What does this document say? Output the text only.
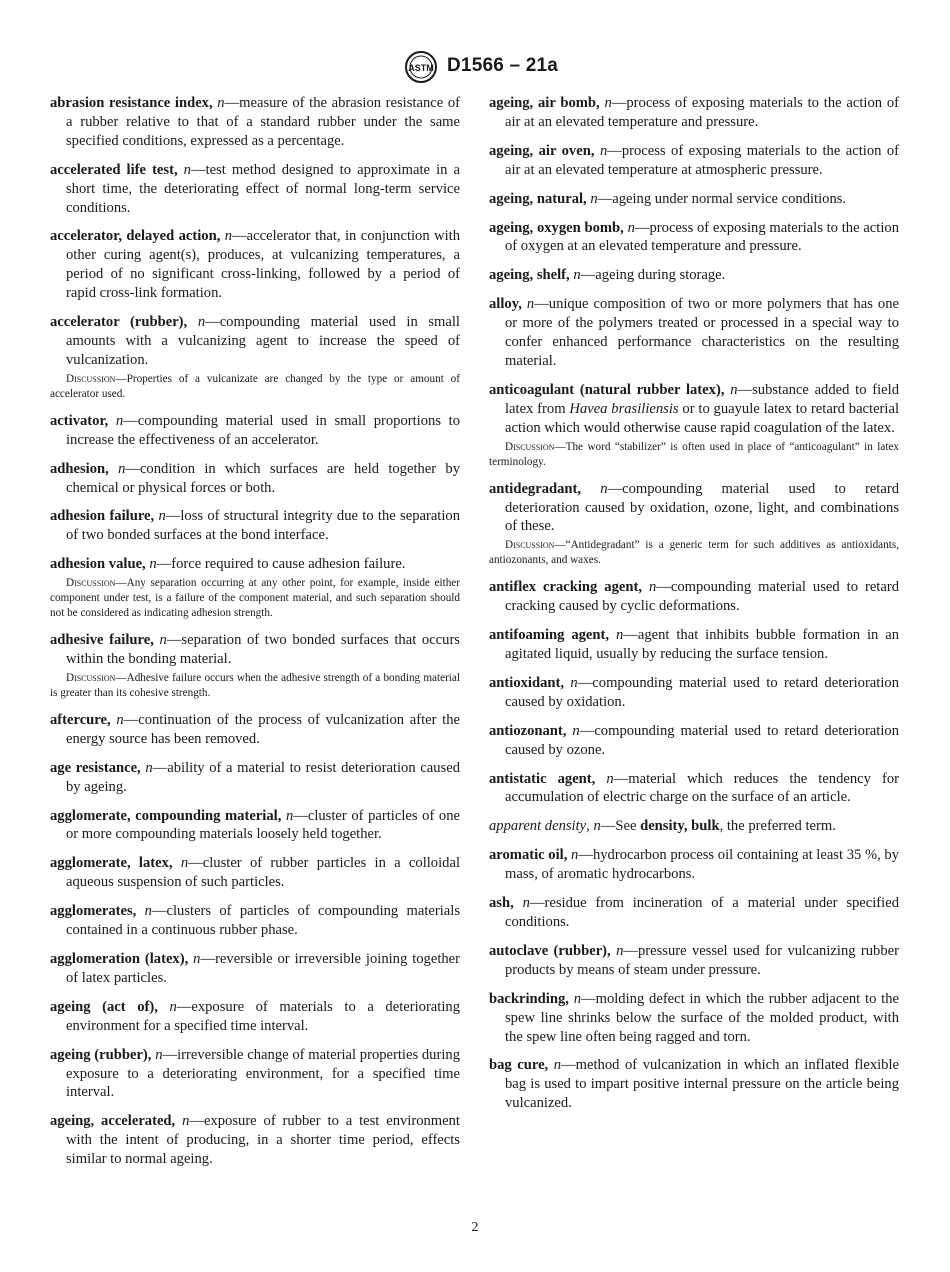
ASTM D1566 – 21a

abrasion resistance index, n—measure of the abrasion resistance of a rubber relative to that of a standard rubber under the same specified conditions, expressed as a percentage.

accelerated life test, n—test method designed to approximate in a short time, the deteriorating effect of normal long-term service conditions.

accelerator, delayed action, n—accelerator that, in conjunction with other curing agent(s), produces, at vulcanizing temperatures, a period of no significant cross-linking, followed by a period of rapid cross-link formation.

accelerator (rubber), n—compounding material used in small amounts with a vulcanizing agent to increase the speed of vulcanization.

Discussion—Properties of a vulcanizate are changed by the type or amount of accelerator used.

activator, n—compounding material used in small proportions to increase the effectiveness of an accelerator.

adhesion, n—condition in which surfaces are held together by chemical or physical forces or both.

adhesion failure, n—loss of structural integrity due to the separation of two bonded surfaces at the bond interface.

adhesion value, n—force required to cause adhesion failure.

Discussion—Any separation occurring at any other point, for example, inside either component under test, is a failure of the component material, and such separation should not be considered as indicating adhesion strength.

adhesive failure, n—separation of two bonded surfaces that occurs within the bonding material.

Discussion—Adhesive failure occurs when the adhesive strength of a bonding material is greater than its cohesive strength.

aftercure, n—continuation of the process of vulcanization after the energy source has been removed.

age resistance, n—ability of a material to resist deterioration caused by ageing.

agglomerate, compounding material, n—cluster of particles of one or more compounding materials loosely held together.

agglomerate, latex, n—cluster of rubber particles in a colloidal aqueous suspension of such particles.

agglomerates, n—clusters of particles of compounding materials contained in a continuous rubber phase.

agglomeration (latex), n—reversible or irreversible joining together of latex particles.

ageing (act of), n—exposure of materials to a deteriorating environment for a specified time interval.

ageing (rubber), n—irreversible change of material properties during exposure to a deteriorating environment, for a specified time interval.

ageing, accelerated, n—exposure of rubber to a test environment with the intent of producing, in a shorter time period, effects similar to normal ageing.

ageing, air bomb, n—process of exposing materials to the action of air at an elevated temperature and pressure.

ageing, air oven, n—process of exposing materials to the action of air at an elevated temperature at atmospheric pressure.

ageing, natural, n—ageing under normal service conditions.

ageing, oxygen bomb, n—process of exposing materials to the action of oxygen at an elevated temperature and pressure.

ageing, shelf, n—ageing during storage.

alloy, n—unique composition of two or more polymers that has one or more of the polymers treated or processed in a special way to confer enhanced performance characteristics on the resulting material.

anticoagulant (natural rubber latex), n—substance added to field latex from Havea brasiliensis or to guayule latex to retard bacterial action which would otherwise cause rapid coagulation of the latex.

Discussion—The word “stabilizer” is often used in place of “anticoagulant” in latex terminology.

antidegradant, n—compounding material used to retard deterioration caused by oxidation, ozone, light, and combinations of these.

Discussion—“Antidegradant” is a generic term for such additives as antioxidants, antiozonants, and waxes.

antiflex cracking agent, n—compounding material used to retard cracking caused by cyclic deformations.

antifoaming agent, n—agent that inhibits bubble formation in an agitated liquid, usually by reducing the surface tension.

antioxidant, n—compounding material used to retard deterioration caused by oxidation.

antiozonant, n—compounding material used to retard deterioration caused by ozone.

antistatic agent, n—material which reduces the tendency for accumulation of electric charge on the surface of an article.

apparent density, n—See density, bulk, the preferred term.

aromatic oil, n—hydrocarbon process oil containing at least 35 %, by mass, of aromatic hydrocarbons.

ash, n—residue from incineration of a material under specified conditions.

autoclave (rubber), n—pressure vessel used for vulcanizing rubber products by means of steam under pressure.

backrinding, n—molding defect in which the rubber adjacent to the spew line shrinks below the surface of the molded product, with the spew line often being ragged and torn.

bag cure, n—method of vulcanization in which an inflated flexible bag is used to impart positive internal pressure on the article being vulcanized.

2
